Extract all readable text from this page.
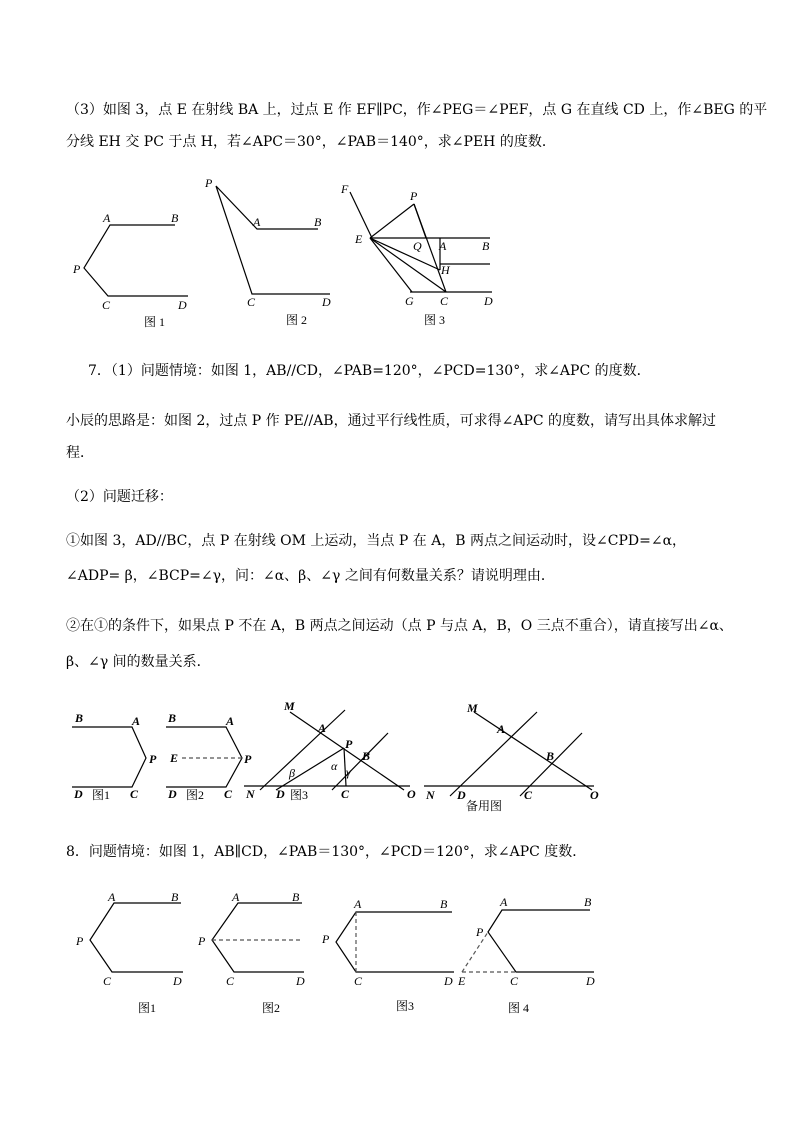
（3）如图 3，点 E 在射线 BA 上，过点 E 作 EF∥PC，作∠PEG＝∠PEF，点 G 在直线 CD 上，作∠BEG 的平
分线 EH 交 PC 于点 H，若∠APC＝30°，∠PAB＝140°，求∠PEH 的度数．
A	B
P
C	D
图 1
P
A	B
C	D
图 2
F	P
E	Q A	B
H
G C	D
图 3
7．（1）问题情境：如图 1，AB//CD，∠PAB=120°，∠PCD=130°，求∠APC 的度数．
小辰的思路是：如图 2，过点 P 作 PE//AB，通过平行线性质，可求得∠APC 的度数，请写出具体求解过
程．
（2）问题迁移：
①如图 3，AD//BC，点 P 在射线 OM 上运动，当点 P 在 A，B 两点之间运动时，设∠CPD=∠α，
∠ADP= β，∠BCP=∠γ，问：∠α、β、∠γ 之间有何数量关系？请说明理由．
②在①的条件下，如果点 P 不在 A，B 两点之间运动（点 P 与点 A，B，O 三点不重合），请直接写出∠α、
β、∠γ 间的数量关系．
B	A
P
D	C
图1
B	A
E	P
D	C
图2
M
A
P
B
β	α γ
N D	C	O
图3
M
A
B
N D	C	O
备用图
8．问题情境：如图 1，AB∥CD，∠PAB＝130°，∠PCD＝120°，求∠APC 度数．
A	B
P
C	D
图1
A	B
P
C	D
图2
A	B
P
C	D
图3
A	B
P
E	C	D
图 4
